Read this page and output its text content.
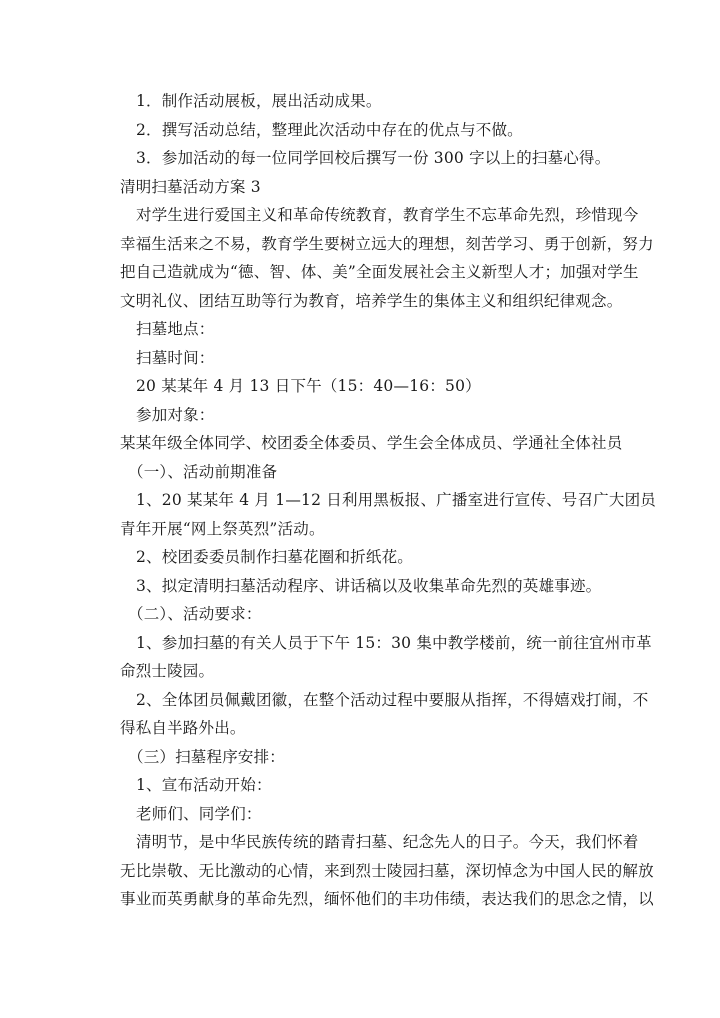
1．制作活动展板，展出活动成果。
2．撰写活动总结，整理此次活动中存在的优点与不做。
3．参加活动的每一位同学回校后撰写一份 300 字以上的扫墓心得。
清明扫墓活动方案 3
对学生进行爱国主义和革命传统教育，教育学生不忘革命先烈，珍惜现今
幸福生活来之不易，教育学生要树立远大的理想，刻苦学习、勇于创新，努力
把自己造就成为“德、智、体、美”全面发展社会主义新型人才；加强对学生
文明礼仪、团结互助等行为教育，培养学生的集体主义和组织纪律观念。
扫墓地点：
扫墓时间：
20 某某年 4 月 13 日下午（15：40—16：50）
参加对象：
某某年级全体同学、校团委全体委员、学生会全体成员、学通社全体社员
（一）、活动前期准备
1、20 某某年 4 月 1—12 日利用黑板报、广播室进行宣传、号召广大团员
青年开展“网上祭英烈”活动。
2、校团委委员制作扫墓花圈和折纸花。
3、拟定清明扫墓活动程序、讲话稿以及收集革命先烈的英雄事迹。
（二）、活动要求：
1、参加扫墓的有关人员于下午 15：30 集中教学楼前，统一前往宜州市革
命烈士陵园。
2、全体团员佩戴团徽，在整个活动过程中要服从指挥，不得嬉戏打闹，不
得私自半路外出。
（三）扫墓程序安排：
1、宣布活动开始：
老师们、同学们：
清明节，是中华民族传统的踏青扫墓、纪念先人的日子。今天，我们怀着
无比崇敬、无比激动的心情，来到烈士陵园扫墓，深切悼念为中国人民的解放
事业而英勇献身的革命先烈，缅怀他们的丰功伟绩，表达我们的思念之情，以
